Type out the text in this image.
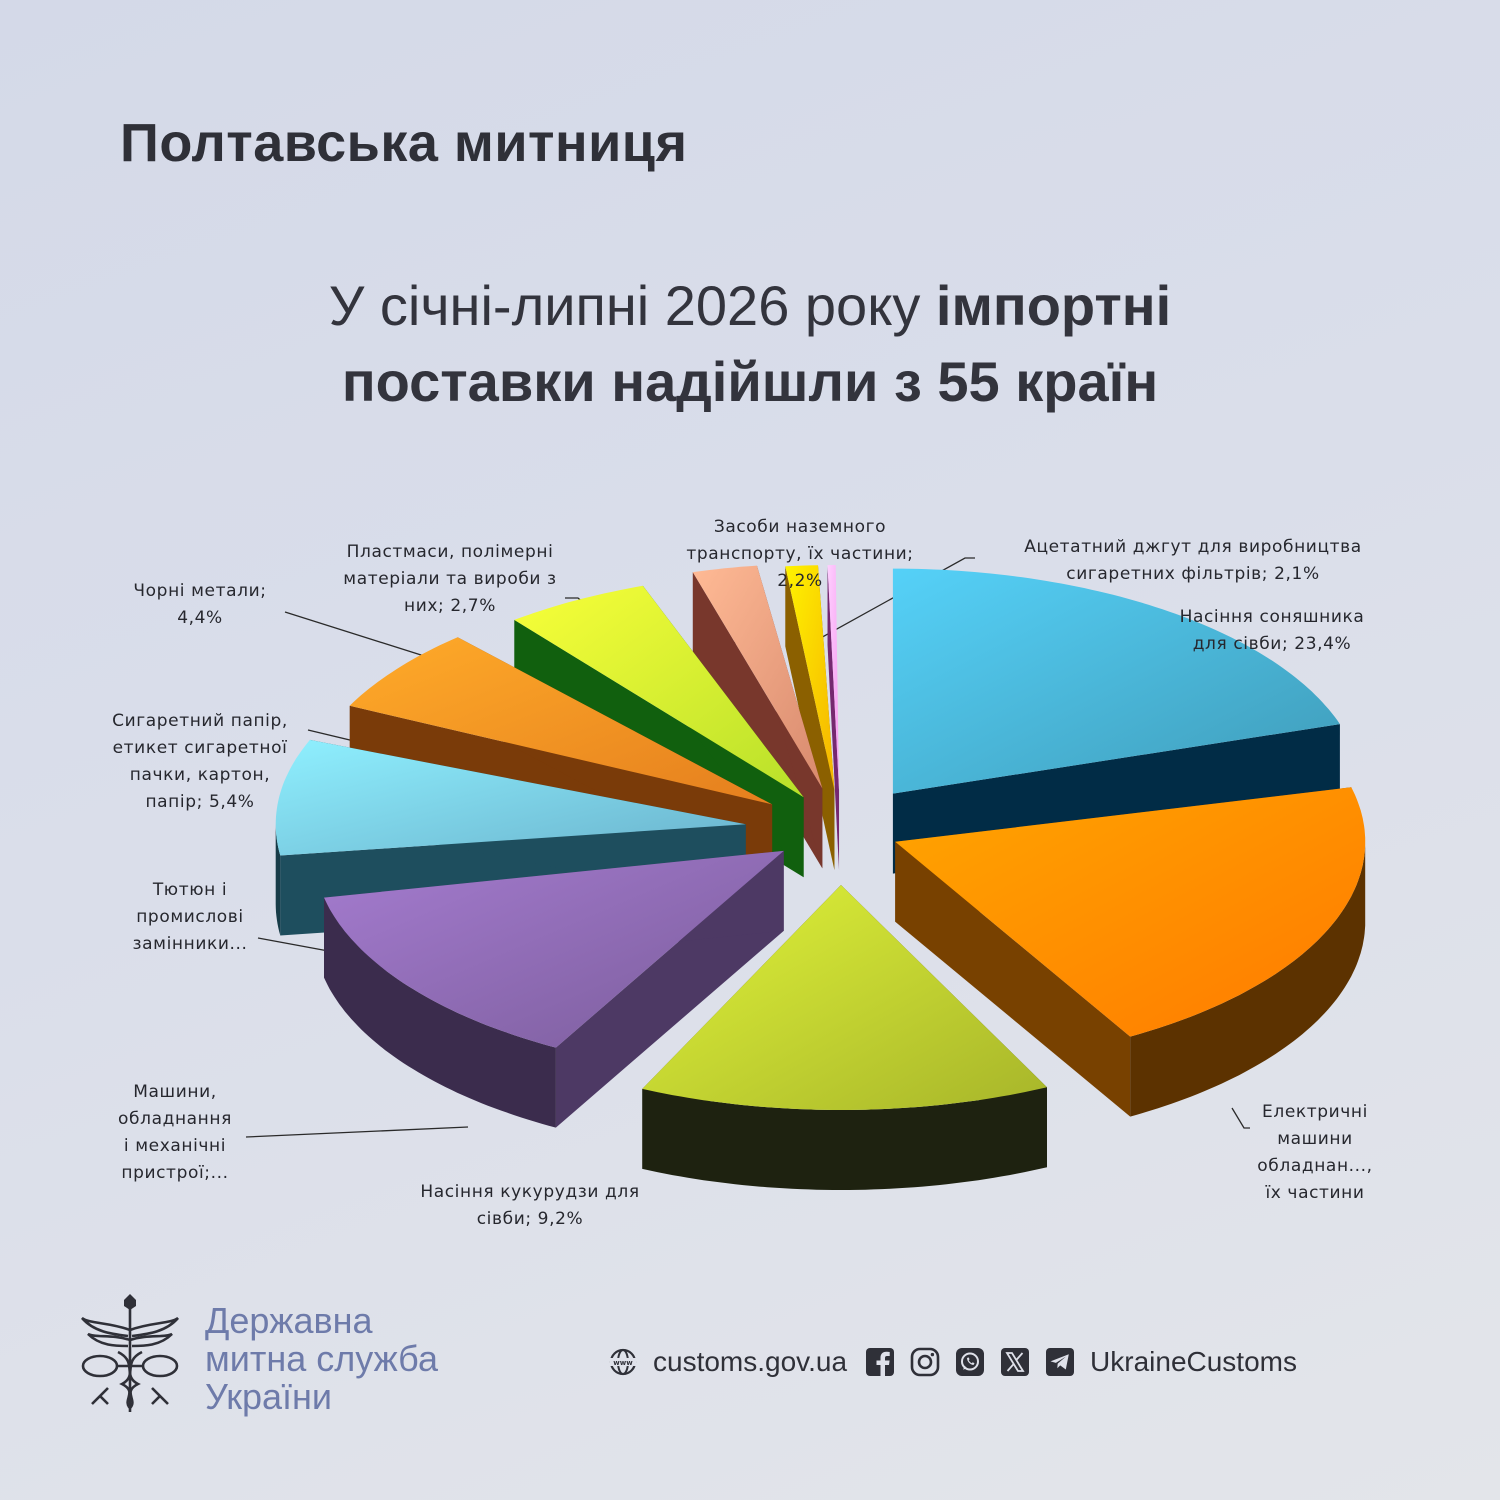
Полтавська митниця
У січні-липні 2026 року імпортні
поставки надійшли з 55 країн
Насіння соняшника для сівби; 23,4%
Електричні машини обладнан..., їх частини
Насіння кукурудзи для сівби; 9,2%
Машини, обладнання і механічні пристрої;...
Тютюн і промислові замінники...
Сигаретний папір, етикет сигаретної пачки, картон, папір; 5,4%
Чорні метали; 4,4%
Пластмаси, полімерні матеріали та вироби з них; 2,7%
Засоби наземного транспорту, їх частини; 2,2%
Ацетатний джгут для виробництва сигаретних фільтрів; 2,1%
Державна
митна служба
України
www customs.gov.ua	UkraineCustoms
